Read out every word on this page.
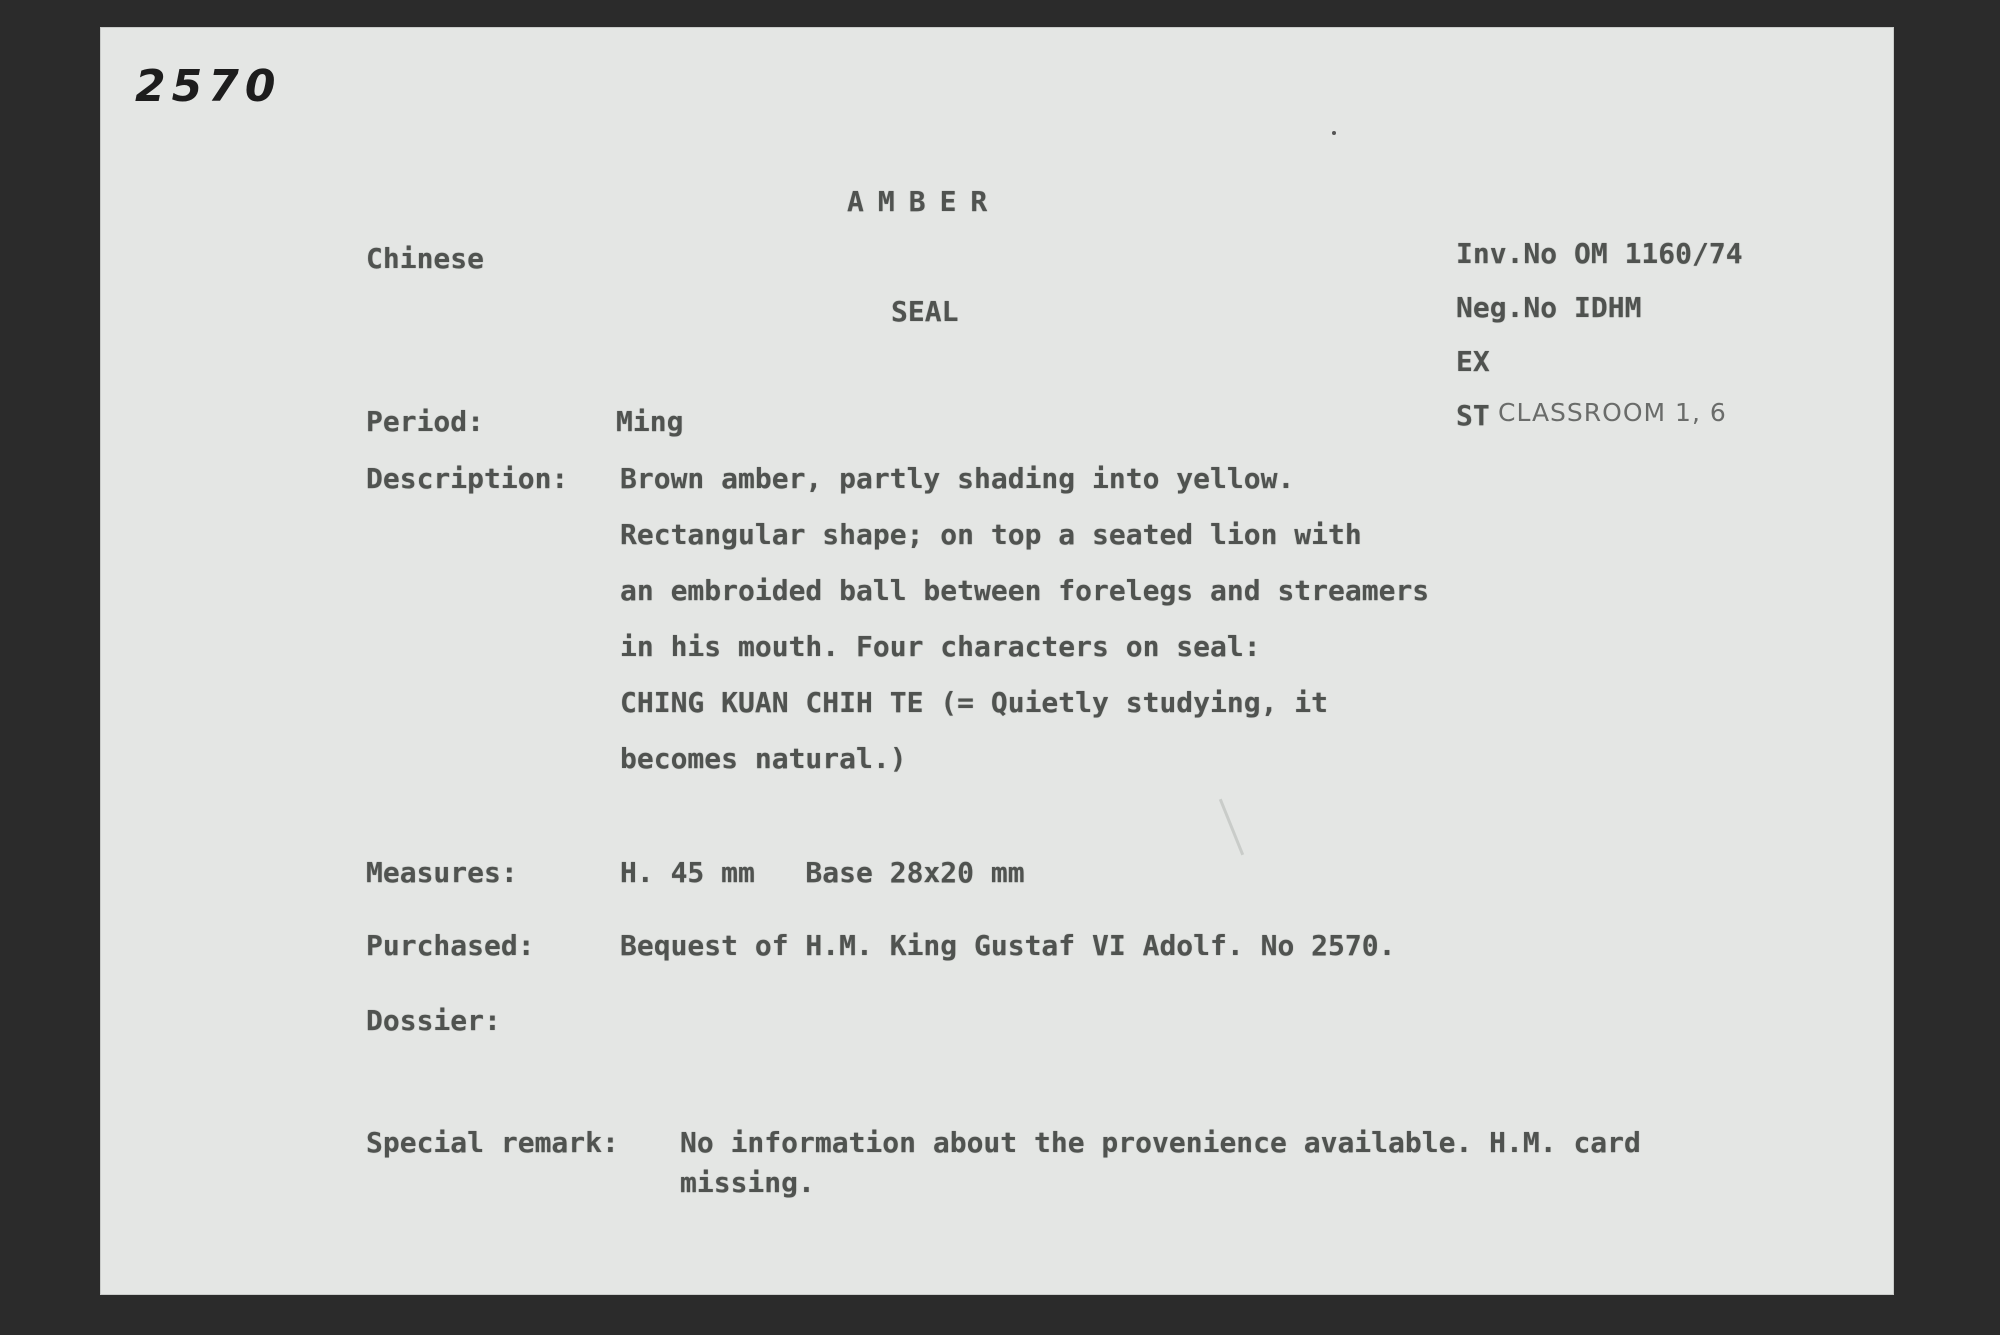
2570
AMBER
Chinese
SEAL
Inv.No OM 1160/74
Neg.No IDHM
EX
ST CLASSROOM 1, 6
Period:	Ming
Description: Brown amber, partly shading into yellow.
Rectangular shape; on top a seated lion with
an embroided ball between forelegs and streamers
in his mouth. Four characters on seal:
CHING KUAN CHIH TE (= Quietly studying, it
becomes natural.)
Measures:	H. 45 mm   Base 28x20 mm
Purchased:	Bequest of H.M. King Gustaf VI Adolf. No 2570.
Dossier:
Special remark: No information about the provenience available. H.M. card
missing.
